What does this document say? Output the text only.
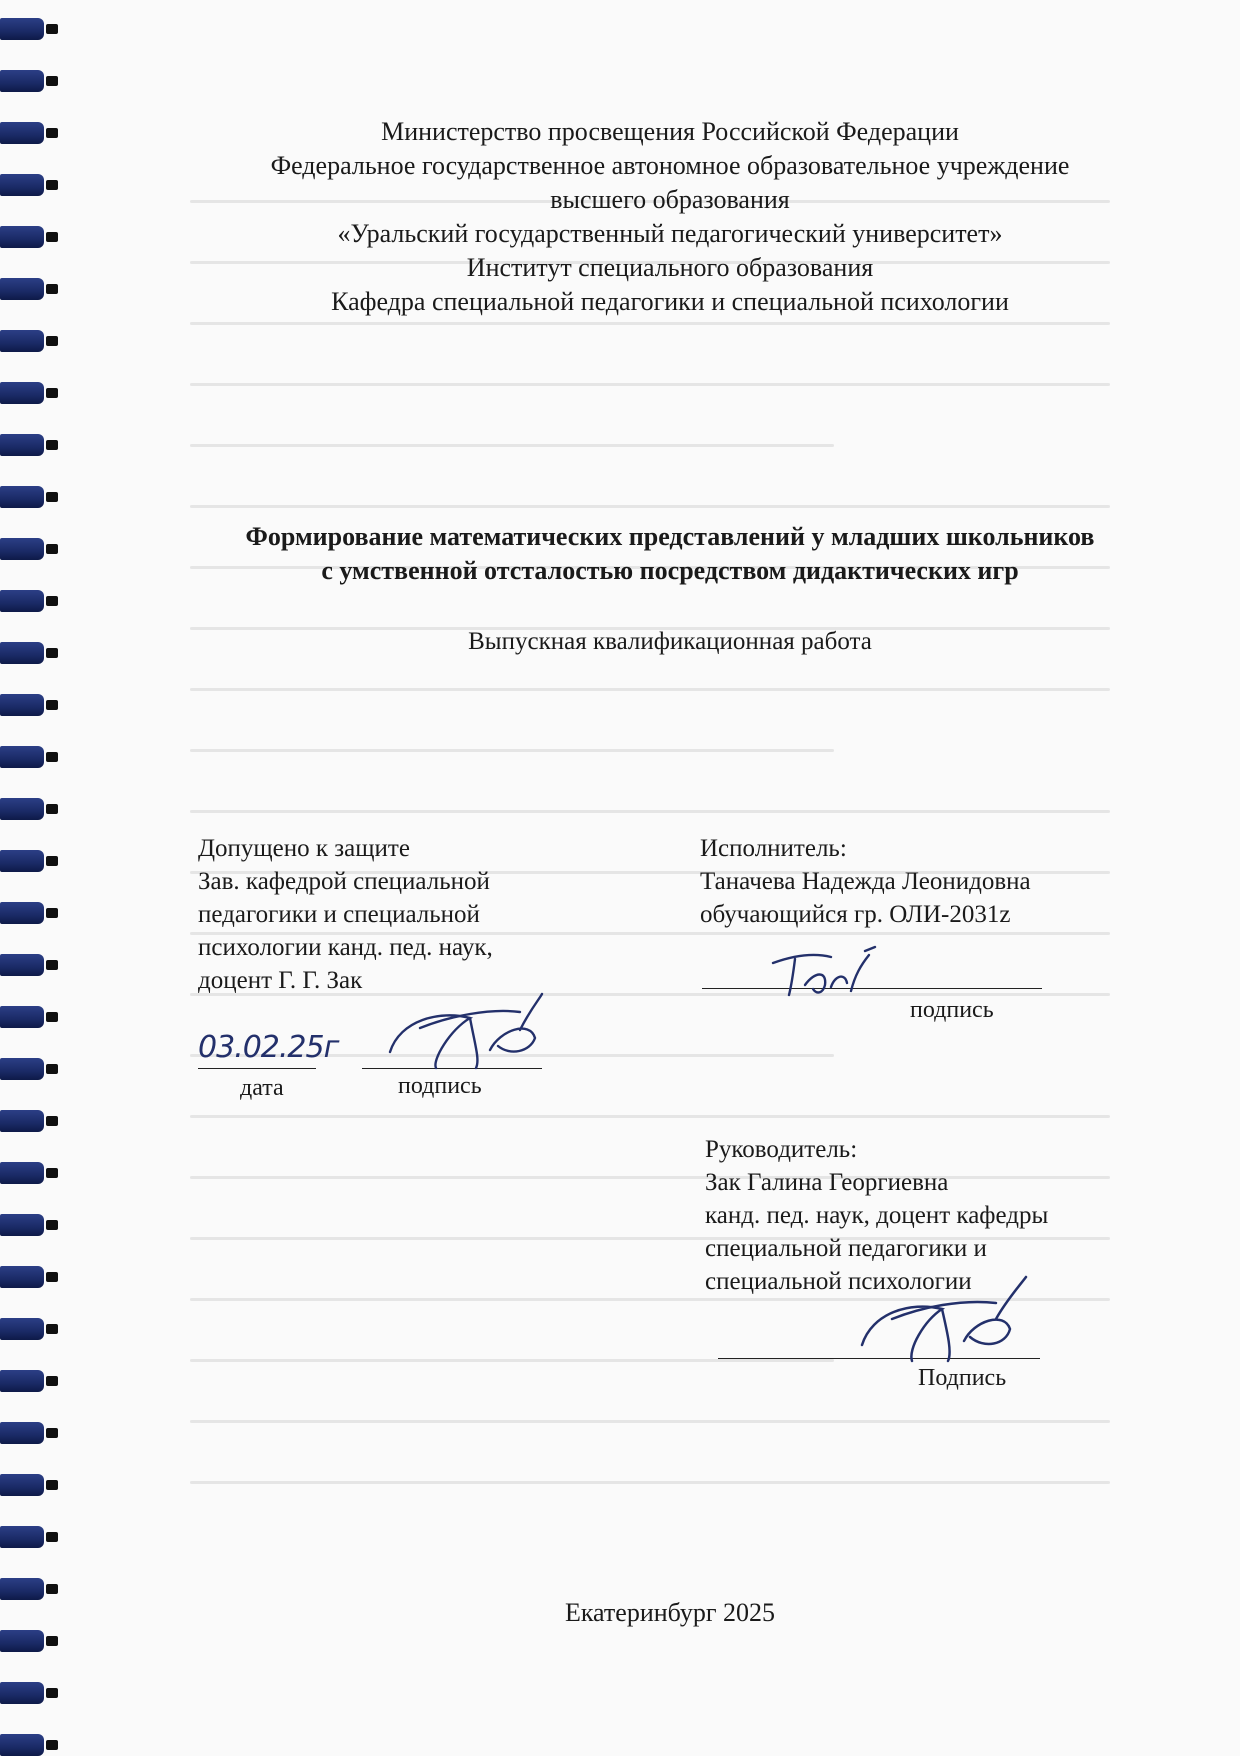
Министерство просвещения Российской Федерации
Федеральное государственное автономное образовательное учреждение
высшего образования
«Уральский государственный педагогический университет»
Институт специального образования
Кафедра специальной педагогики и специальной психологии
Формирование математических представлений у младших школьников
с умственной отсталостью посредством дидактических игр
Выпускная квалификационная работа
Допущено к защите
Зав. кафедрой специальной
педагогики и специальной
психологии канд. пед. наук,
доцент Г. Г. Зак
03.02.25г
дата	подпись
Исполнитель:
Таначева Надежда Леонидовна
обучающийся гр. ОЛИ-2031z
подпись
Руководитель:
Зак Галина Георгиевна
канд. пед. наук, доцент кафедры
специальной педагогики и
специальной психологии
Подпись
Екатеринбург 2025
